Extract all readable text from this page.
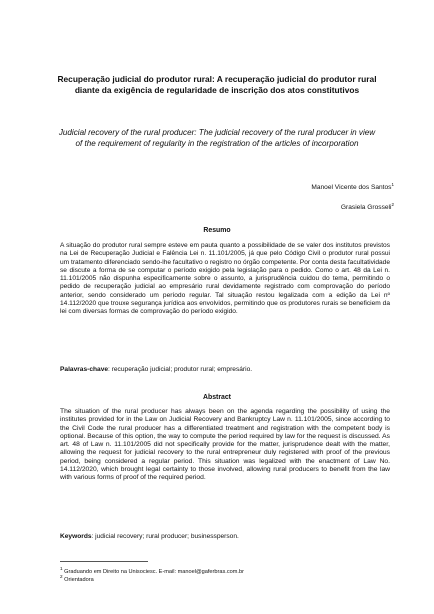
Recuperação judicial do produtor rural: A recuperação judicial do produtor rural diante da exigência de regularidade de inscrição dos atos constitutivos
Judicial recovery of the rural producer: The judicial recovery of the rural producer in view of the requirement of regularity in the registration of the articles of incorporation
Manoel Vicente dos Santos$^1$
Grasiela Grosseli$^2$
Resumo

A situação do produtor rural sempre esteve em pauta quanto a possibilidade de se valer dos institutos previstos na Lei de Recuperação Judicial e Falência Lei n. 11.101/2005, já que pelo Código Civil o produtor rural possui um tratamento diferenciado sendo-lhe facultativo o registro no órgão competente. Por conta desta facultatividade se discute a forma de se computar o período exigido pela legislação para o pedido. Como o art. 48 da Lei n. 11.101/2005 não dispunha especificamente sobre o assunto, a jurisprudência cuidou do tema, permitindo o pedido de recuperação judicial ao empresário rural devidamente registrado com comprovação do período anterior, sendo considerado um período regular. Tal situação restou legalizada com a edição da Lei nº 14.112/2020 que trouxe segurança jurídica aos envolvidos, permitindo que os produtores rurais se beneficiem da lei com diversas formas de comprovação do período exigido.

Palavras-chave: recuperação judicial; produtor rural; empresário.
Abstract

The situation of the rural producer has always been on the agenda regarding the possibility of using the institutes provided for in the Law on Judicial Recovery and Bankruptcy Law n. 11.101/2005, since according to the Civil Code the rural producer has a differentiated treatment and registration with the competent body is optional. Because of this option, the way to compute the period required by law for the request is discussed. As art. 48 of Law n. 11.101/2005 did not specifically provide for the matter, jurisprudence dealt with the matter, allowing the request for judicial recovery to the rural entrepreneur duly registered with proof of the previous period, being considered a regular period. This situation was legalized with the enactment of Law No. 14.112/2020, which brought legal certainty to those involved, allowing rural producers to benefit from the law with various forms of proof of the required period.

Keywords: judicial recovery; rural producer; businessperson.
$^1$ Graduando em Direito na Unisociesc. E-mail: manoel@gaferbras.com.br
$^2$ Orientadora
